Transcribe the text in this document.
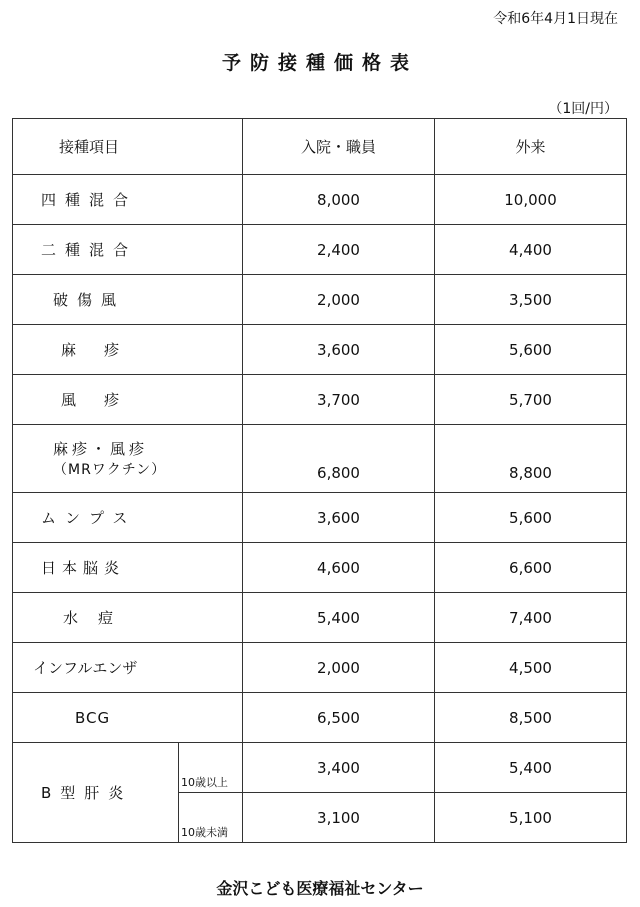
令和6年4月1日現在
予防接種価格表
（1回/円）
接種項目		入院・職員	外来
四種混合		8,000	10,000
二種混合		2,400	4,400
破傷風		2,000	3,500
麻疹		3,600	5,600
風疹		3,700	5,700
麻疹・風疹
（MRワクチン）		6,800	8,800
ムンプス		3,600	5,600
日本脳炎		4,600	6,600
水痘		5,400	7,400
インフルエンザ		2,000	4,500
BCG		6,500	8,500
B型肝炎	10歳以上	3,400	5,400
	10歳未満	3,100	5,100
金沢こども医療福祉センター
